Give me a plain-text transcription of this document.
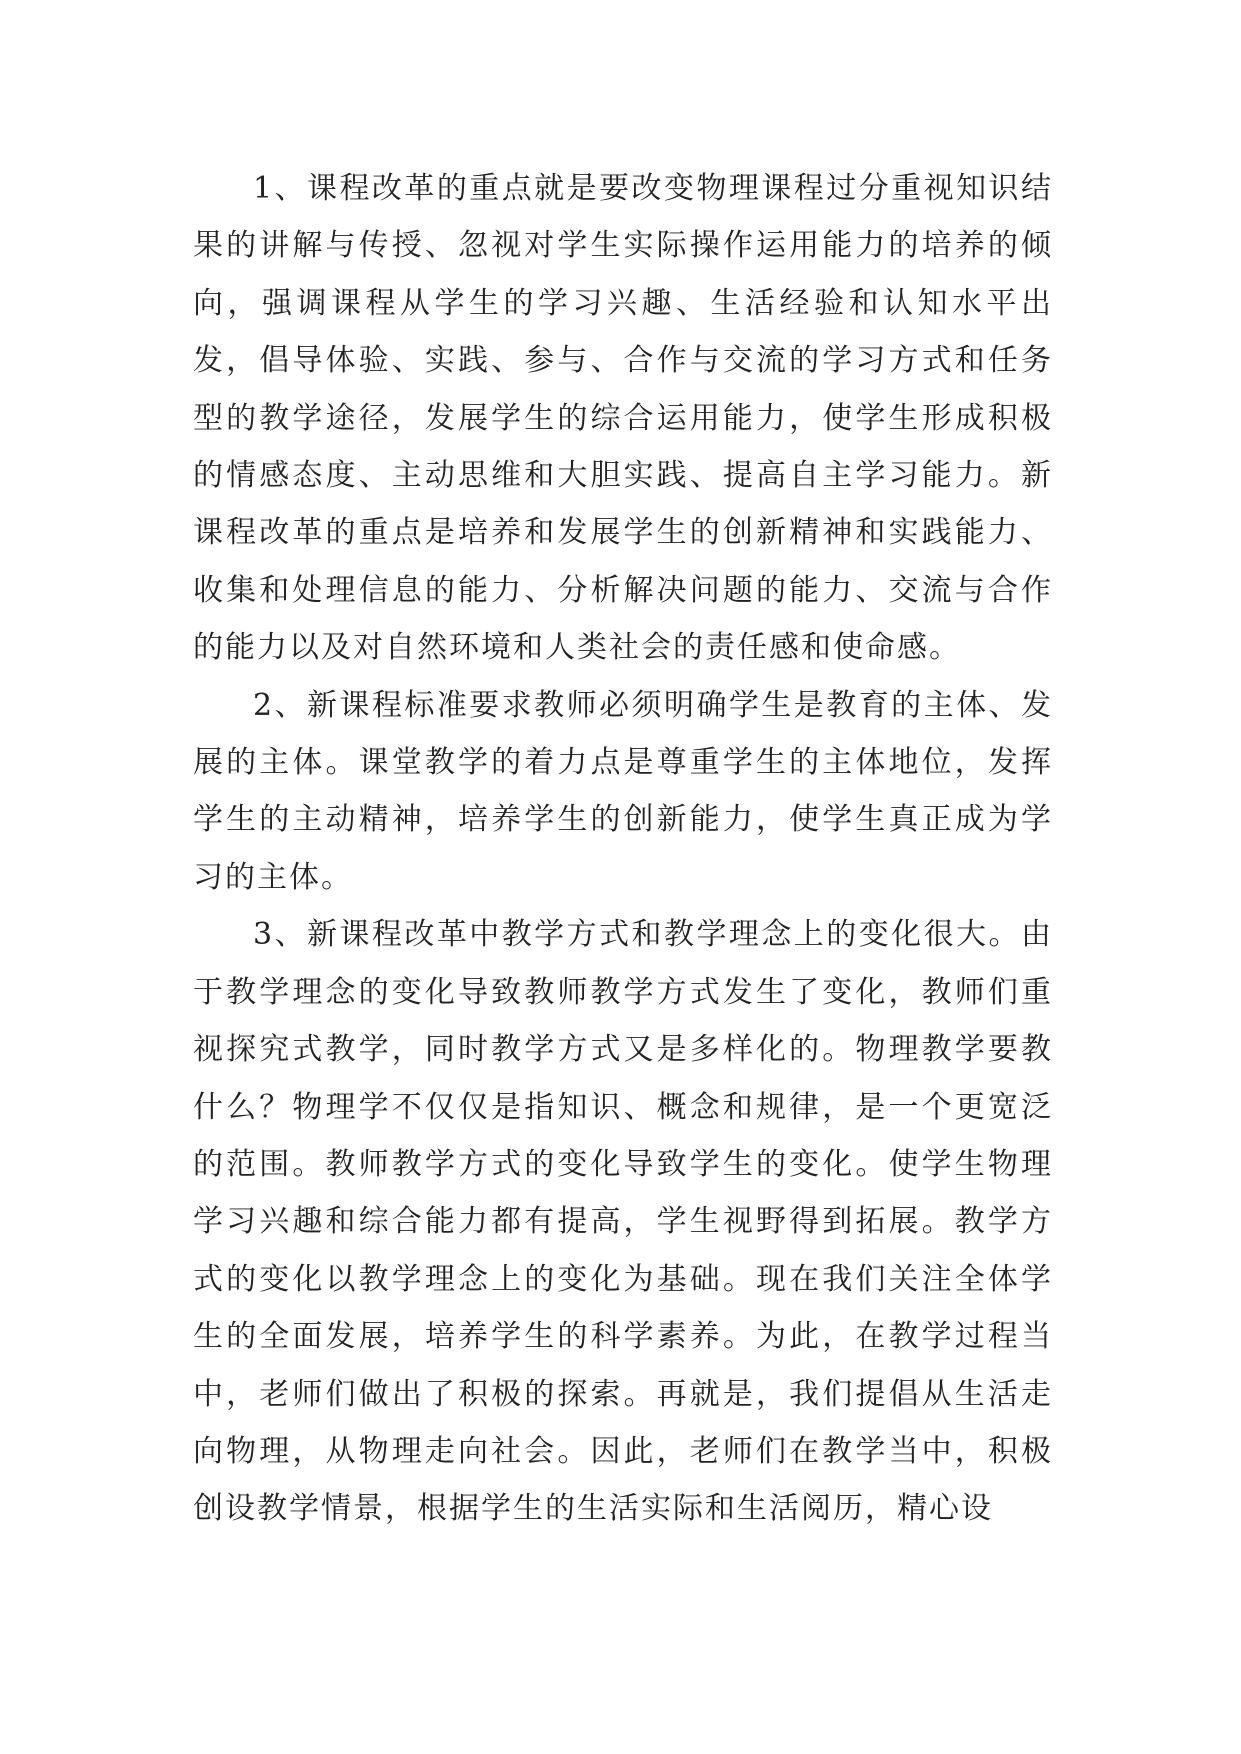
1、课程改革的重点就是要改变物理课程过分重视知识结果的讲解与传授、忽视对学生实际操作运用能力的培养的倾向，强调课程从学生的学习兴趣、生活经验和认知水平出发，倡导体验、实践、参与、合作与交流的学习方式和任务型的教学途径，发展学生的综合运用能力，使学生形成积极的情感态度、主动思维和大胆实践、提高自主学习能力。新课程改革的重点是培养和发展学生的创新精神和实践能力、收集和处理信息的能力、分析解决问题的能力、交流与合作的能力以及对自然环境和人类社会的责任感和使命感。

2、新课程标准要求教师必须明确学生是教育的主体、发展的主体。课堂教学的着力点是尊重学生的主体地位，发挥学生的主动精神，培养学生的创新能力，使学生真正成为学习的主体。

3、新课程改革中教学方式和教学理念上的变化很大。由于教学理念的变化导致教师教学方式发生了变化，教师们重视探究式教学，同时教学方式又是多样化的。物理教学要教什么？物理学不仅仅是指知识、概念和规律，是一个更宽泛的范围。教师教学方式的变化导致学生的变化。使学生物理学习兴趣和综合能力都有提高，学生视野得到拓展。教学方式的变化以教学理念上的变化为基础。现在我们关注全体学生的全面发展，培养学生的科学素养。为此，在教学过程当中，老师们做出了积极的探索。再就是，我们提倡从生活走向物理，从物理走向社会。因此，老师们在教学当中，积极创设教学情景，根据学生的生活实际和生活阅历，精心设
